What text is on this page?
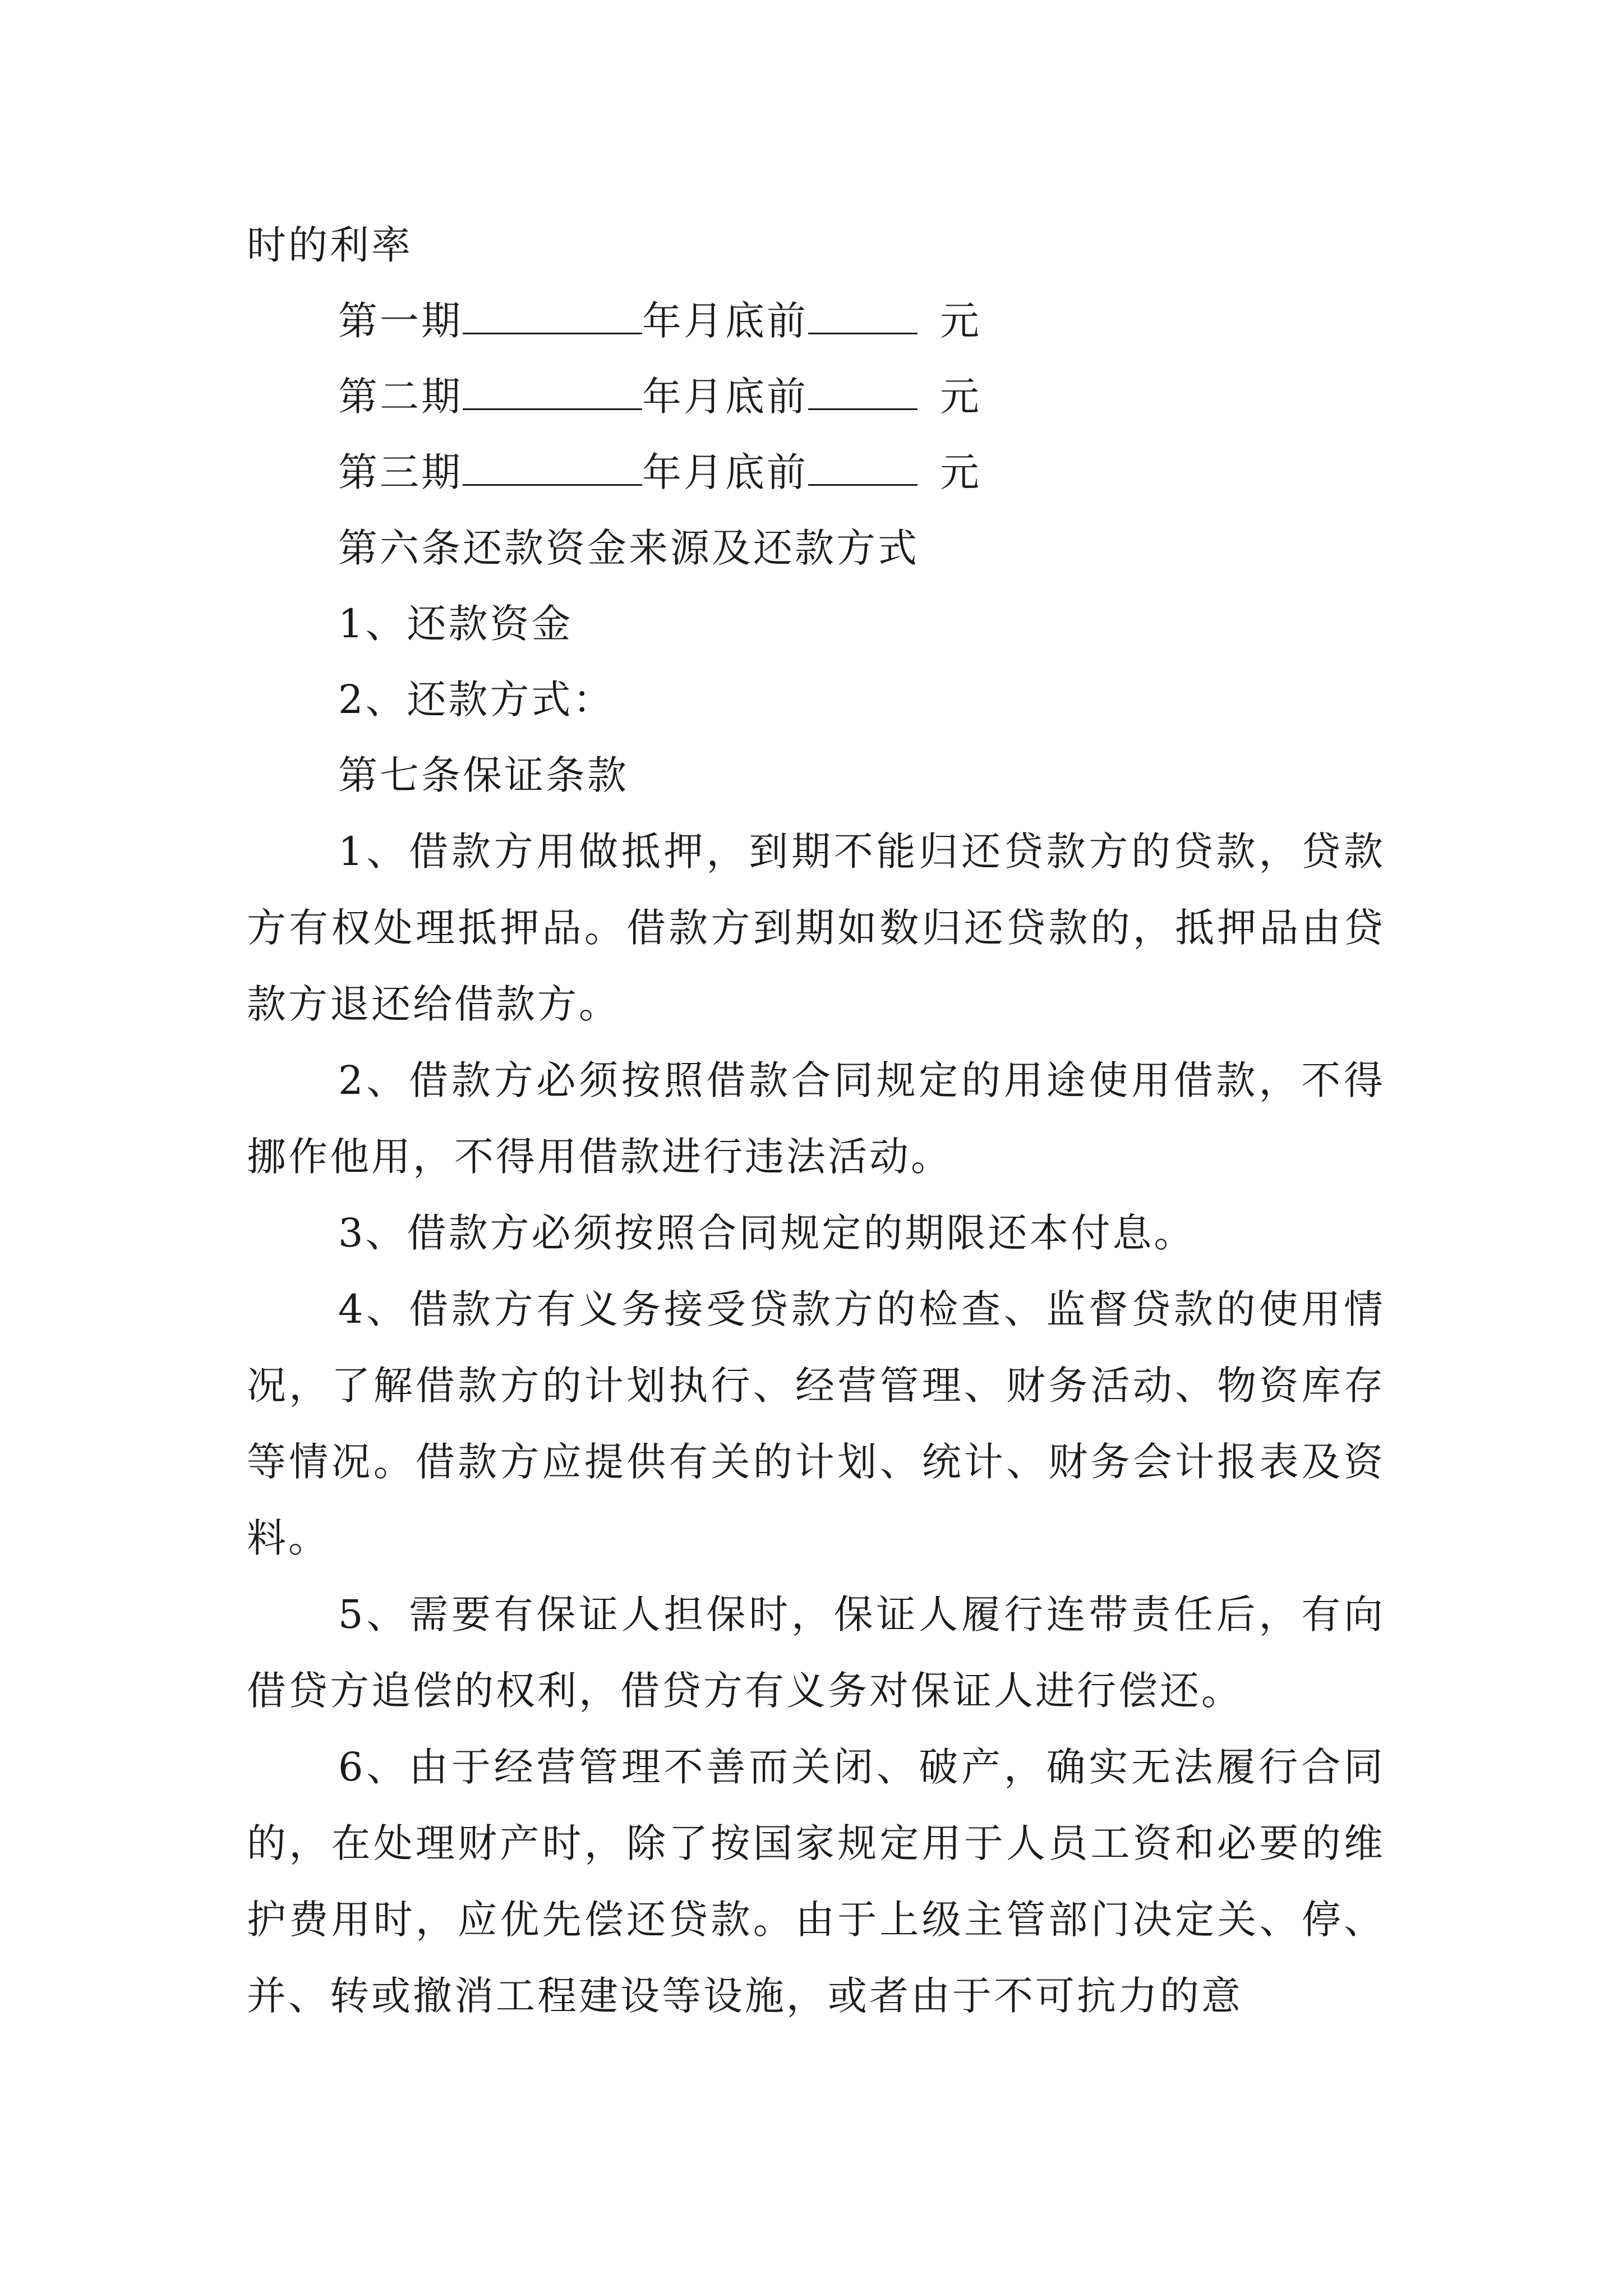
时的利率
第一期	年月底前	元
第二期	年月底前	元
第三期	年月底前	元
第六条还款资金来源及还款方式
1、还款资金
2、还款方式：
第七条保证条款

1、借款方用做抵押，到期不能归还贷款方的贷款，贷款方有权处理抵押品。借款方到期如数归还贷款的，抵押品由贷款方退还给借款方。

2、借款方必须按照借款合同规定的用途使用借款，不得挪作他用，不得用借款进行违法活动。

3、借款方必须按照合同规定的期限还本付息。

4、借款方有义务接受贷款方的检查、监督贷款的使用情况，了解借款方的计划执行、经营管理、财务活动、物资库存等情况。借款方应提供有关的计划、统计、财务会计报表及资料。

5、需要有保证人担保时，保证人履行连带责任后，有向借贷方追偿的权利，借贷方有义务对保证人进行偿还。

6、由于经营管理不善而关闭、破产，确实无法履行合同的，在处理财产时，除了按国家规定用于人员工资和必要的维护费用时，应优先偿还贷款。由于上级主管部门决定关、停、并、转或撤消工程建设等设施，或者由于不可抗力的意
